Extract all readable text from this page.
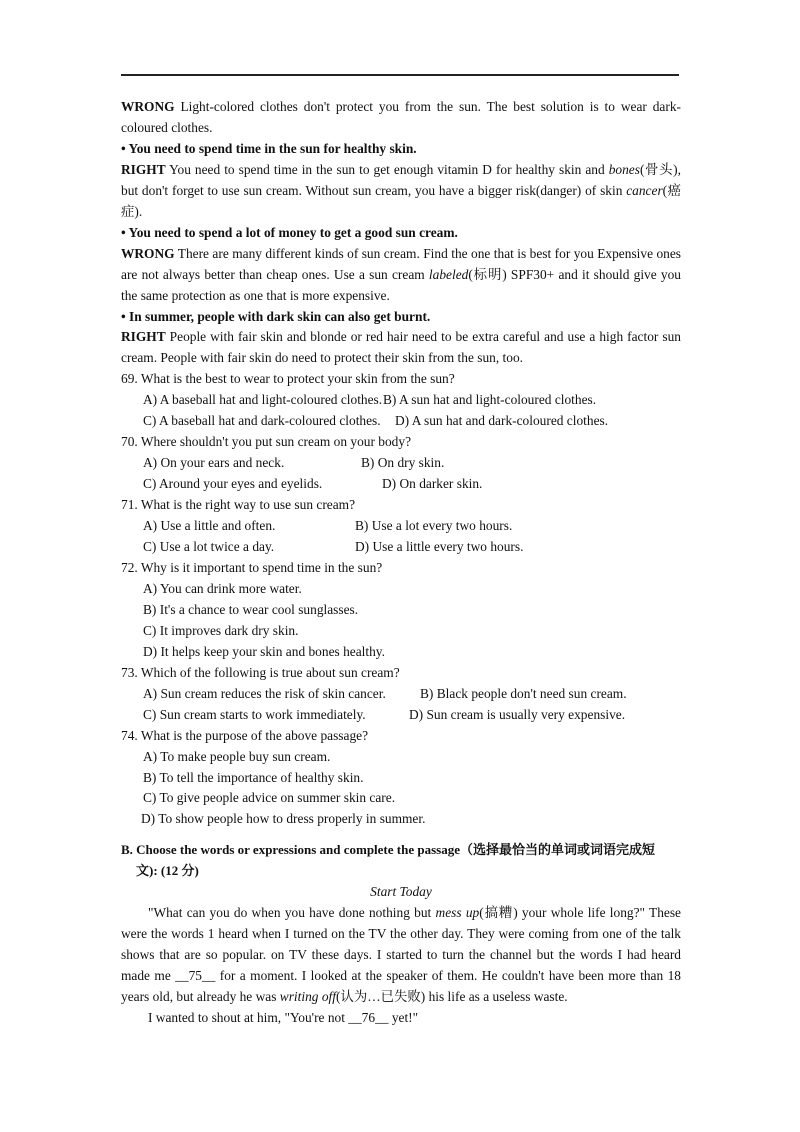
WRONG Light-colored clothes don't protect you from the sun. The best solution is to wear dark-coloured clothes.

• You need to spend time in the sun for healthy skin.

RIGHT You need to spend time in the sun to get enough vitamin D for healthy skin and bones(骨头), but don't forget to use sun cream. Without sun cream, you have a bigger risk(danger) of skin cancer(癌症).

• You need to spend a lot of money to get a good sun cream.

WRONG There are many different kinds of sun cream. Find the one that is best for you Expensive ones are not always better than cheap ones. Use a sun cream labeled(标明) SPF30+ and it should give you the same protection as one that is more expensive.

• In summer, people with dark skin can also get burnt.

RIGHT People with fair skin and blonde or red hair need to be extra careful and use a high factor sun cream. People with fair skin do need to protect their skin from the sun, too.

69. What is the best to wear to protect your skin from the sun?

A) A baseball hat and light-coloured clothes. B) A sun hat and light-coloured clothes.

C) A baseball hat and dark-coloured clothes.	D) A sun hat and dark-coloured clothes.

70. Where shouldn't you put sun cream on your body?

A) On your ears and neck.	B) On dry skin.

C) Around your eyes and eyelids.	D) On darker skin.

71. What is the right way to use sun cream?

A) Use a little and often.	B) Use a lot every two hours.

C) Use a lot twice a day.	D) Use a little every two hours.

72. Why is it important to spend time in the sun?

A) You can drink more water.

B) It's a chance to wear cool sunglasses.

C) It improves dark dry skin.

D) It helps keep your skin and bones healthy.

73. Which of the following is true about sun cream?

A) Sun cream reduces the risk of skin cancer.	B) Black people don't need sun cream.

C) Sun cream starts to work immediately.	D) Sun cream is usually very expensive.

74. What is the purpose of the above passage?

A) To make people buy sun cream.

B) To tell the importance of healthy skin.

C) To give people advice on summer skin care.

D) To show people how to dress properly in summer.

B. Choose the words or expressions and complete the passage（选择最恰当的单词或词语完成短

文): (12 分)

Start Today

"What can you do when you have done nothing but mess up(搞糟) your whole life long?" These were the words 1 heard when I turned on the TV the other day. They were coming from one of the talk shows that are so popular. on TV these days. I started to turn the channel but the words I had heard made me __75__ for a moment. I looked at the speaker of them. He couldn't have been more than 18 years old, but already he was writing off(认为…已失败) his life as a useless waste.

I wanted to shout at him, "You're not __76__ yet!"
